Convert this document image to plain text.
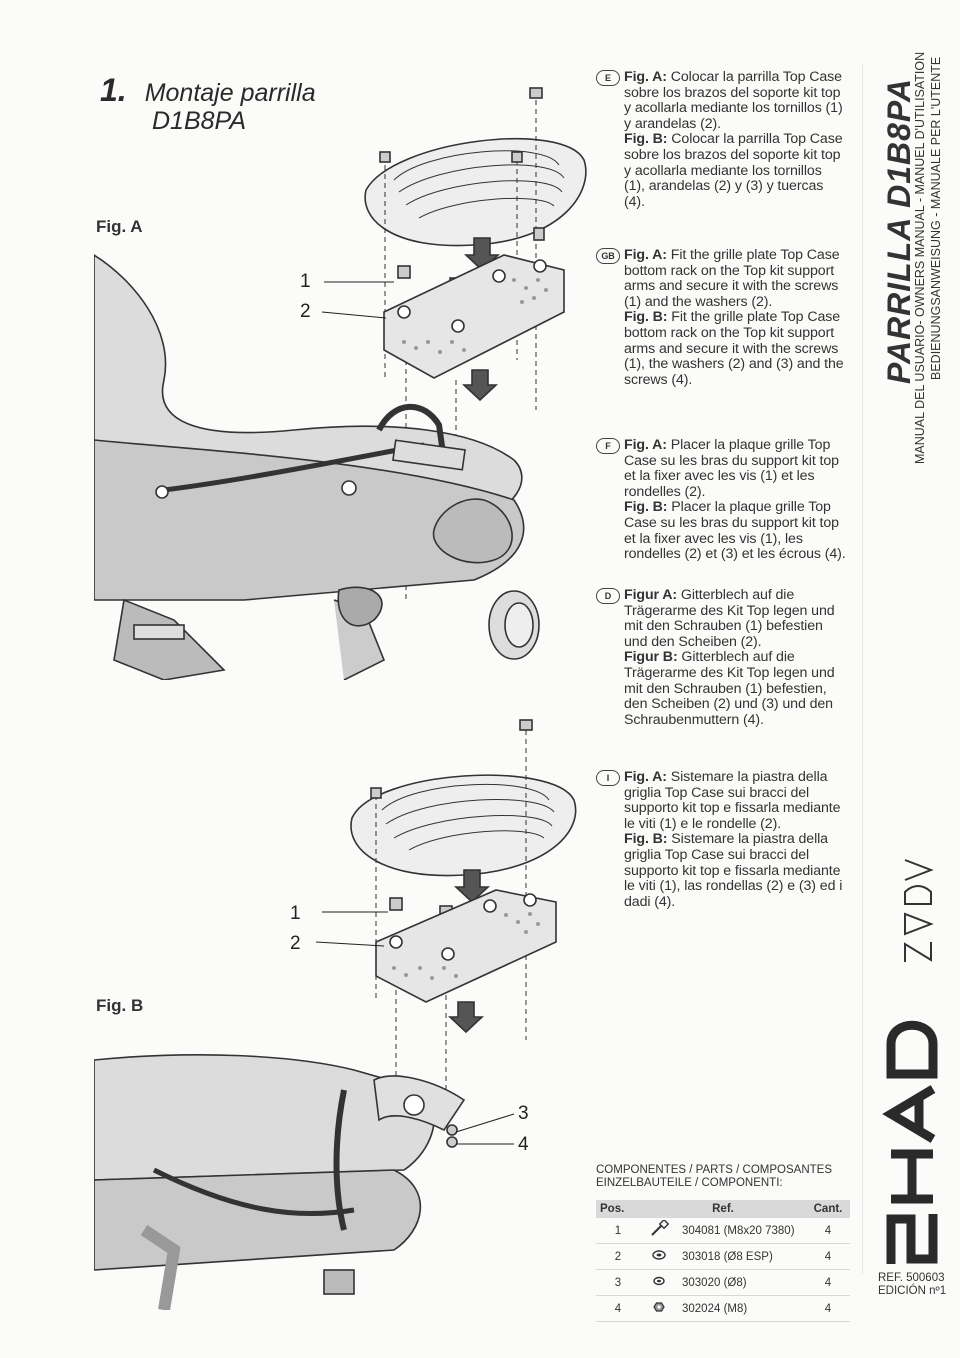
1. Montaje parrilla
D1B8PA
Fig. A
Fig. B
1
2
1
2
3
4
E Fig. A: Colocar la parrilla Top Case sobre los brazos del soporte kit top y acollarla mediante los tornillos (1) y arandelas (2).
Fig. B: Colocar la parrilla Top Case sobre los brazos del soporte kit top y acollarla mediante los tornillos (1), arandelas (2) y (3) y tuercas (4).
GB Fig. A: Fit the grille plate Top Case bottom rack on the Top kit support arms and secure it with the screws (1) and the washers (2).
Fig. B: Fit the grille plate Top Case bottom rack on the Top kit support arms and secure it with the screws (1), the washers (2) and (3) and the screws (4).
F Fig. A: Placer la plaque grille Top Case su les bras du support kit top et la fixer avec les vis (1) et les rondelles (2).
Fig. B: Placer la plaque grille Top Case su les bras du support kit top et la fixer avec les vis (1), les rondelles (2) et (3) et les écrous (4).
D Figur A: Gitterblech auf die Trägerarme des Kit Top legen und mit den Schrauben (1) befestien und den Scheiben (2).
Figur B: Gitterblech auf die Trägerarme des Kit Top legen und mit den Schrauben (1) befestien, den Scheiben (2) und (3) und den Schraubenmuttern (4).
I	Fig. A: Sistemare la piastra della griglia Top Case sui bracci del supporto kit top e fissarla mediante le viti (1) e le rondelle (2).
Fig. B: Sistemare la piastra della griglia Top Case sui bracci del supporto kit top e fissarla mediante le viti (1), las rondellas (2) e (3) ed i dadi (4).
COMPONENTES / PARTS / COMPOSANTES
EINZELBAUTEILE / COMPONENTI:
Pos.	Ref.		Cant.
1		304081 (M8x20 7380)	4
2		303018 (Ø8 ESP)	4
3		303020 (Ø8)	4
4		302024 (M8)	4
PARRILLA D1B8PA
MANUAL DEL USUARIO- OWNERS MANUAL - MANUEL D'UTILISATION BEDIENUNGSANWEISUNG - MANUALE PER L'UTENTE
REF. 500603
EDICIÓN nº1
